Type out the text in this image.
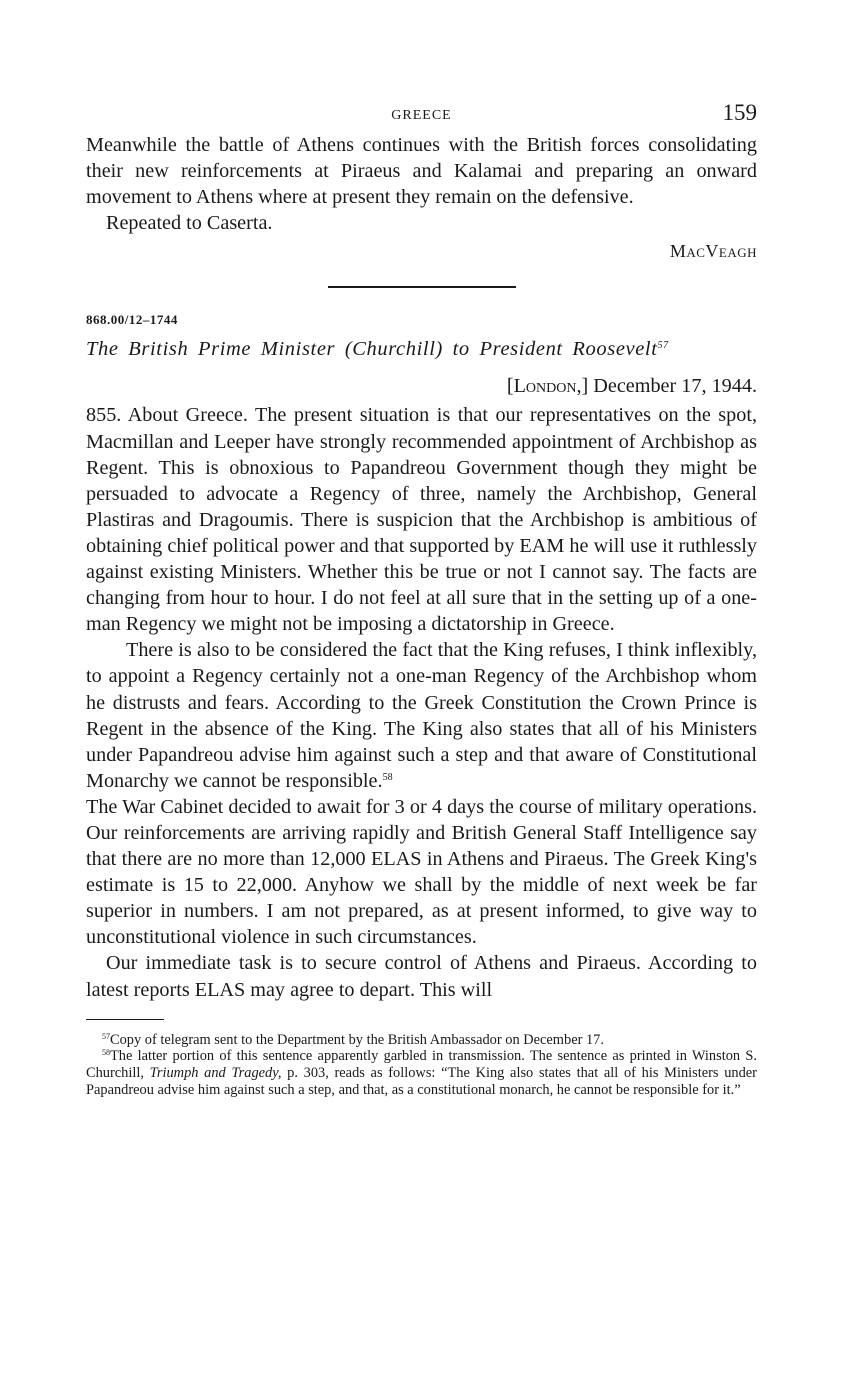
GREECE	159

Meanwhile the battle of Athens continues with the British forces consolidating their new reinforcements at Piraeus and Kalamai and preparing an onward movement to Athens where at present they remain on the defensive.

Repeated to Caserta.

MacVeagh
868.00/12–1744
The British Prime Minister (Churchill) to President Roosevelt$^{57}$
[London,] December 17, 1944.

855. About Greece. The present situation is that our representatives on the spot, Macmillan and Leeper have strongly recommended appointment of Archbishop as Regent. This is obnoxious to Papandreou Government though they might be persuaded to advocate a Regency of three, namely the Archbishop, General Plastiras and Dragoumis. There is suspicion that the Archbishop is ambitious of obtaining chief political power and that supported by EAM he will use it ruthlessly against existing Ministers. Whether this be true or not I cannot say. The facts are changing from hour to hour. I do not feel at all sure that in the setting up of a one-man Regency we might not be imposing a dictatorship in Greece.

There is also to be considered the fact that the King refuses, I think inflexibly, to appoint a Regency certainly not a one-man Regency of the Archbishop whom he distrusts and fears. According to the Greek Constitution the Crown Prince is Regent in the absence of the King. The King also states that all of his Ministers under Papandreou advise him against such a step and that aware of Constitutional Monarchy we cannot be responsible.$^{58}$

The War Cabinet decided to await for 3 or 4 days the course of military operations. Our reinforcements are arriving rapidly and British General Staff Intelligence say that there are no more than 12,000 ELAS in Athens and Piraeus. The Greek King's estimate is 15 to 22,000. Anyhow we shall by the middle of next week be far superior in numbers. I am not prepared, as at present informed, to give way to unconstitutional violence in such circumstances.

Our immediate task is to secure control of Athens and Piraeus. According to latest reports ELAS may agree to depart. This will

$^{57}$Copy of telegram sent to the Department by the British Ambassador on December 17.

$^{58}$The latter portion of this sentence apparently garbled in transmission. The sentence as printed in Winston S. Churchill, Triumph and Tragedy, p. 303, reads as follows: “The King also states that all of his Ministers under Papandreou advise him against such a step, and that, as a constitutional monarch, he cannot be responsible for it.”
